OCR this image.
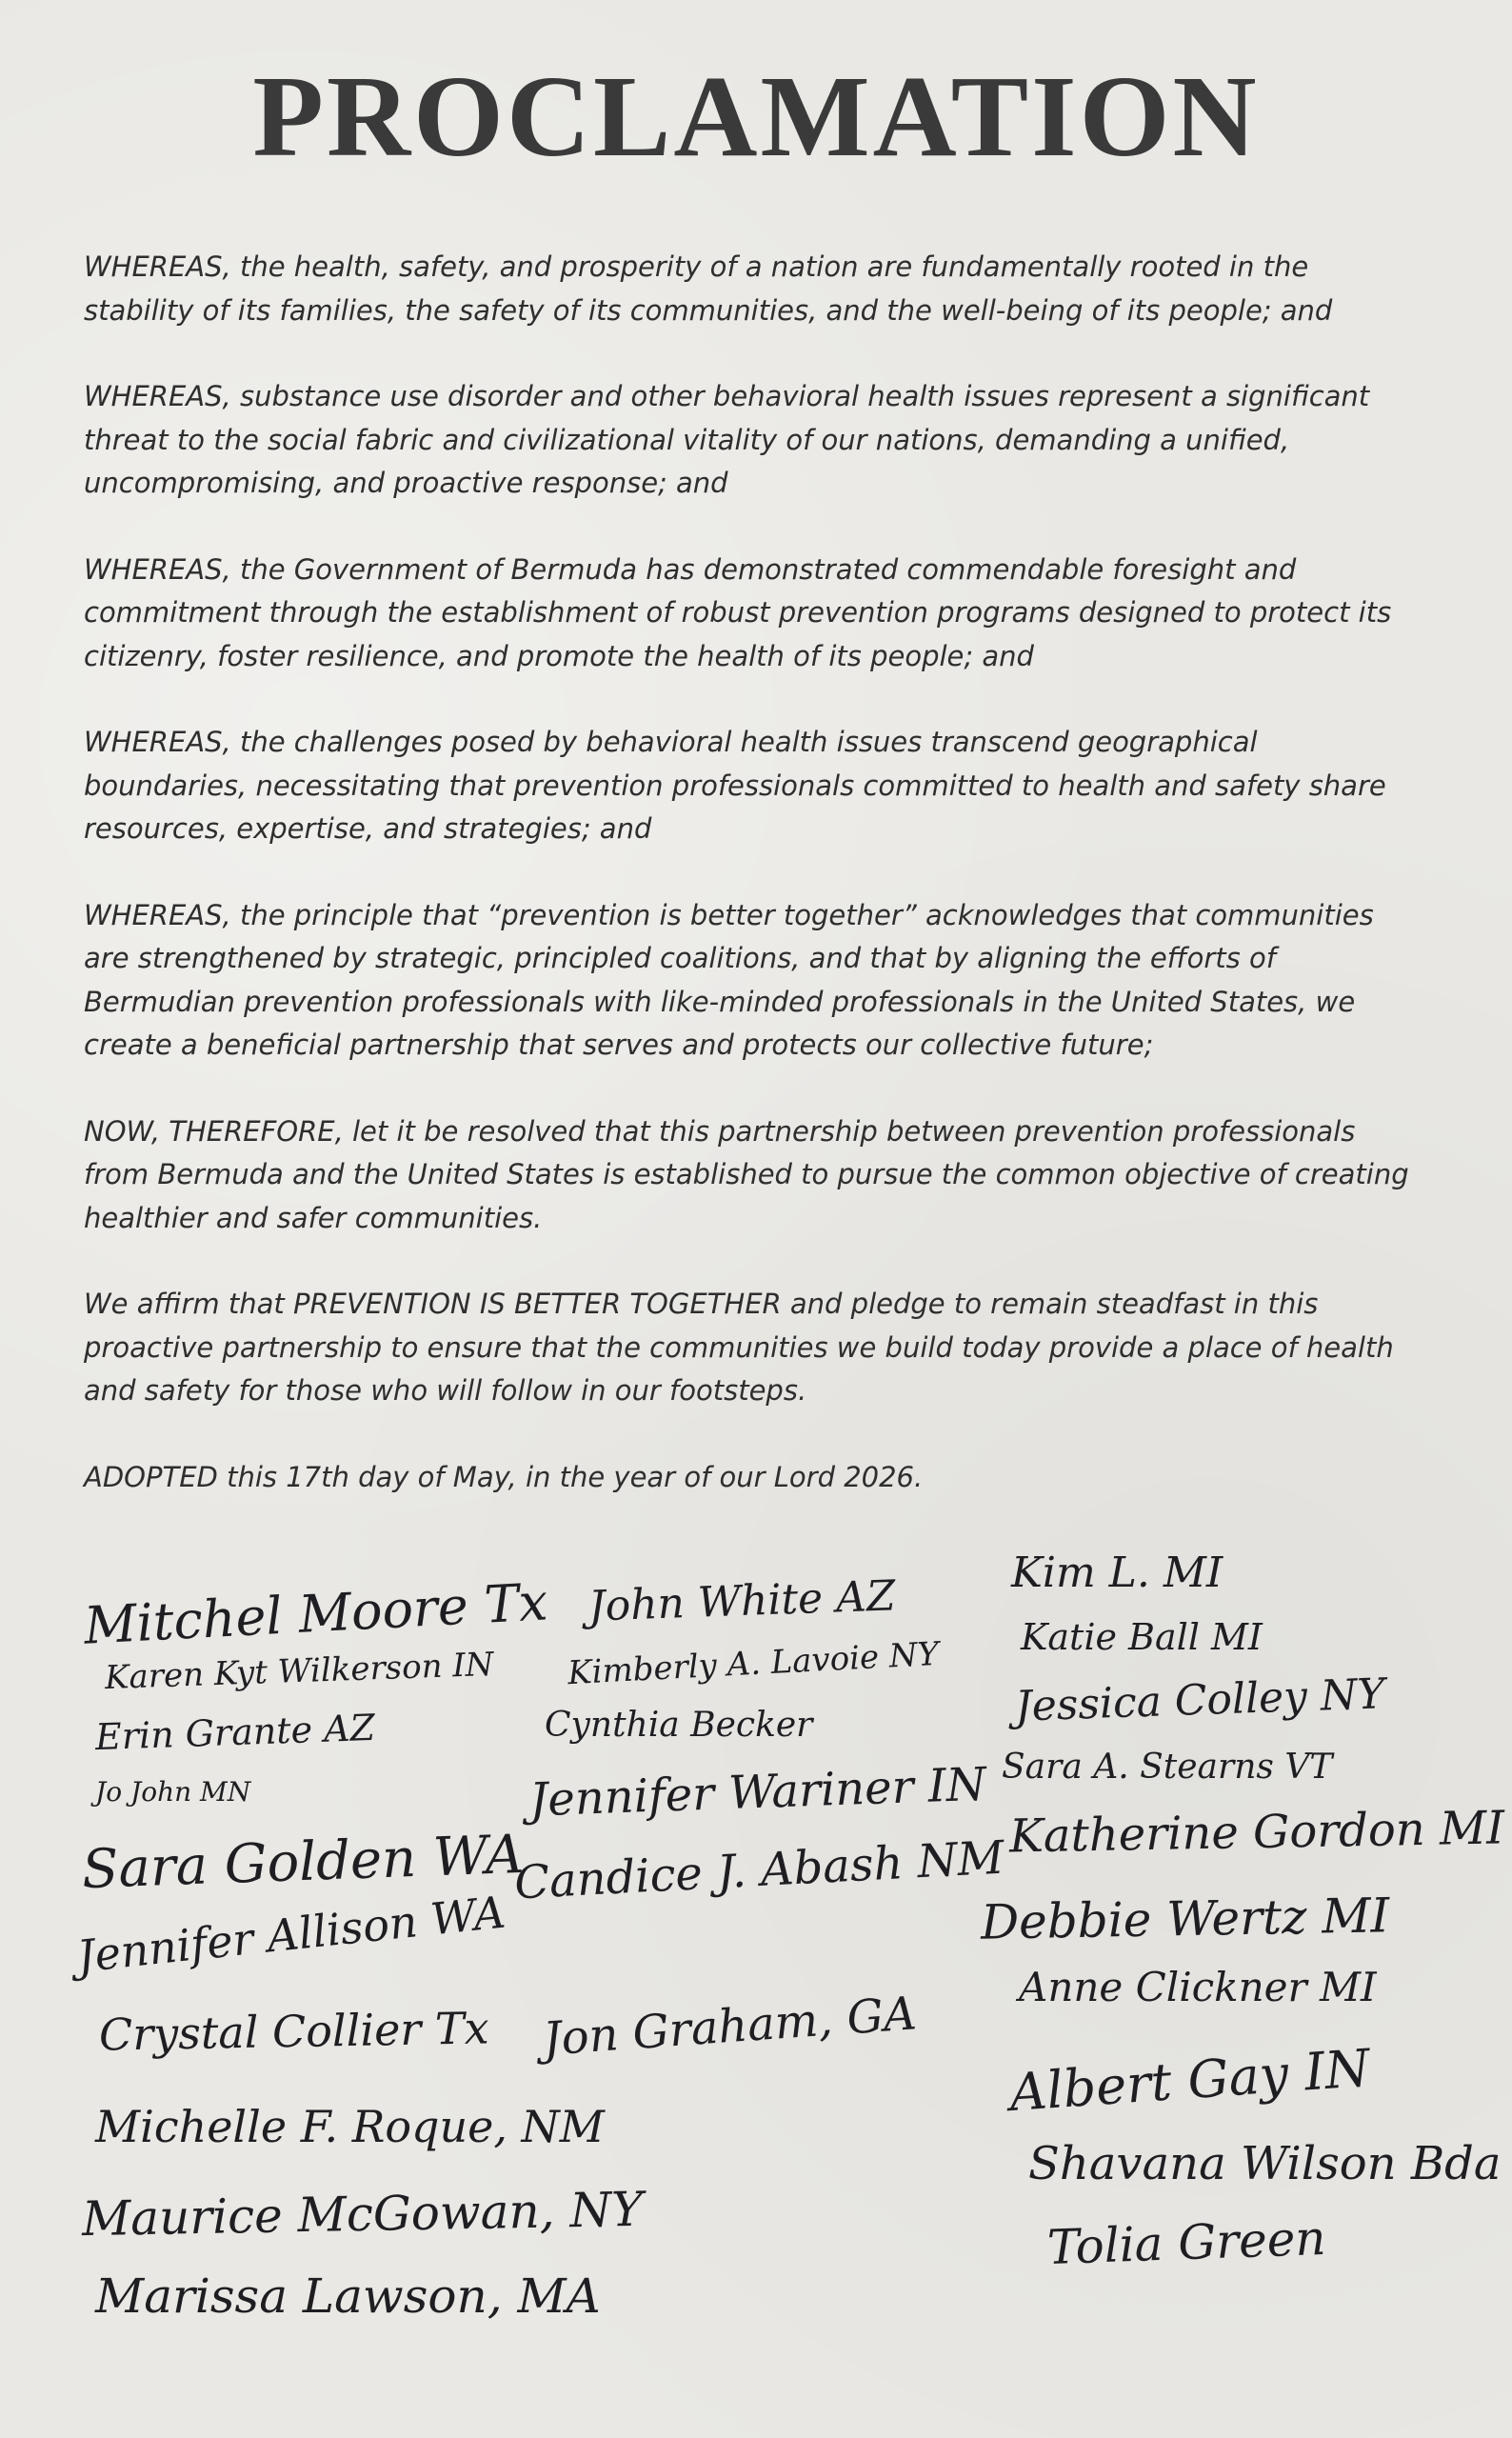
PROCLAMATION

WHEREAS, the health, safety, and prosperity of a nation are fundamentally rooted in the
stability of its families, the safety of its communities, and the well-being of its people; and

WHEREAS, substance use disorder and other behavioral health issues represent a significant
threat to the social fabric and civilizational vitality of our nations, demanding a unified,
uncompromising, and proactive response; and

WHEREAS, the Government of Bermuda has demonstrated commendable foresight and
commitment through the establishment of robust prevention programs designed to protect its
citizenry, foster resilience, and promote the health of its people; and

WHEREAS, the challenges posed by behavioral health issues transcend geographical
boundaries, necessitating that prevention professionals committed to health and safety share
resources, expertise, and strategies; and

WHEREAS, the principle that “prevention is better together” acknowledges that communities
are strengthened by strategic, principled coalitions, and that by aligning the efforts of
Bermudian prevention professionals with like-minded professionals in the United States, we
create a beneficial partnership that serves and protects our collective future;

NOW, THEREFORE, let it be resolved that this partnership between prevention professionals
from Bermuda and the United States is established to pursue the common objective of creating
healthier and safer communities.

We affirm that PREVENTION IS BETTER TOGETHER and pledge to remain steadfast in this
proactive partnership to ensure that the communities we build today provide a place of health
and safety for those who will follow in our footsteps.

ADOPTED this 17th day of May, in the year of our Lord 2026.

Mitchel Moore Tx
Karen Kyt Wilkerson IN
Erin Grante AZ
Jo John MN
Sara Golden WA
Jennifer Allison WA
Crystal Collier Tx
Michelle F. Roque, NM
Maurice McGowan, NY
Marissa Lawson, MA
John White AZ
Kimberly A. Lavoie NY
Cynthia Becker
Jennifer Wariner IN
Candice J. Abash NM
Jon Graham, GA
Kim L. MI
Katie Ball MI
Jessica Colley NY
Sara A. Stearns VT
Katherine Gordon MI
Debbie Wertz MI
Anne Clickner MI
Albert Gay IN
Shavana Wilson Bda
Tolia Green
